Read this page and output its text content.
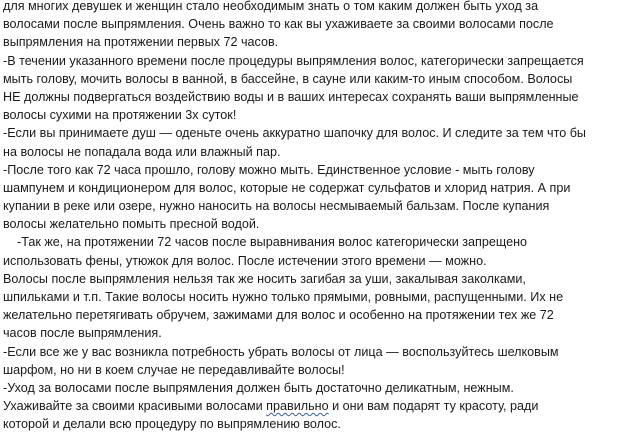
для многих девушек и женщин стало необходимым знать о том каким должен быть уход за
волосами после выпрямления. Очень важно то как вы ухаживаете за своими волосами после
выпрямления на протяжении первых 72 часов.
-В течении указанного времени после процедуры выпрямления волос, категорически запрещается
мыть голову, мочить волосы в ванной, в бассейне, в сауне или каким-то иным способом. Волосы
НЕ должны подвергаться воздействию воды и в ваших интересах сохранять ваши выпрямленные
волосы сухими на протяжении 3х суток!
-Если вы принимаете душ — оденьте очень аккуратно шапочку для волос. И следите за тем что бы
на волосы не попадала вода или влажный пар.
-После того как 72 часа прошло, голову можно мыть. Единственное условие - мыть голову
шампунем и кондиционером для волос, которые не содержат сульфатов и хлорид натрия. А при
купании в реке или озере, нужно наносить на волосы несмываемый бальзам. После купания
волосы желательно помыть пресной водой.
-Так же, на протяжении 72 часов после выравнивания волос категорически запрещено
использовать фены, утюжок для волос. После истечении этого времени — можно.
Волосы после выпрямления нельзя так же носить загибая за уши, закалывая заколками,
шпильками и т.п. Такие волосы носить нужно только прямыми, ровными, распущенными. Их не
желательно перетягивать обручем, зажимами для волос и особенно на протяжении тех же 72
часов после выпрямления.
-Если все же у вас возникла потребность убрать волосы от лица — воспользуйтесь шелковым
шарфом, но ни в коем случае не передавливайте волосы!
-Уход за волосами после выпрямления должен быть достаточно деликатным, нежным.
Ухаживайте за своими красивыми волосами правильно и они вам подарят ту красоту, ради
которой и делали всю процедуру по выпрямлению волос.
